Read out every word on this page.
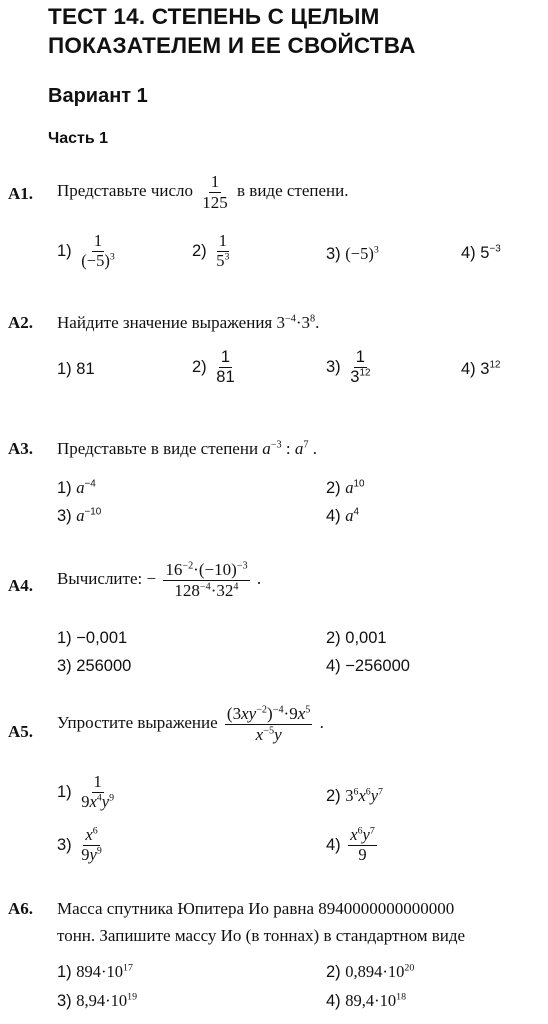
ТЕСТ 14. СТЕПЕНЬ С ЦЕЛЫМ
ПОКАЗАТЕЛЕМ И ЕЕ СВОЙСТВА
Вариант 1
Часть 1
A1. Представьте число $\frac{1}{125}$ в виде степени.
$1) \frac{1}{(-5)^3}$	$2) \frac{1}{5^3}$	3) $(-5)^3$	4) $5^{-3}$
A2. Найдите значение выражения $3^{-4}\cdot 3^8$.
1) 81	$2) \frac{1}{81}$	$3) \frac{1}{3^{12}}$	4) $3^{12}$
A3. Представьте в виде степени $a^{-3}$ : $a^7$ .
1) $a^{-4}$	2) $a^{10}$
3) $a^{-10}$	4) $a^4$
A4. Вычислите: − $\frac{16^{-2}\cdot(-10)^{-3}}{128^{-4}\cdot 32^4}$ .
1) −0,001	2) 0,001
3) 256000	4) −256000
A5. Упростите выражение $\frac{(3xy^{-2})^{-4}\cdot 9x^5}{x^{-5}y}$ .
$1) \frac{1}{9x^4y^9}$	2) $3^6x^6y^7$
$3) \frac{x^6}{9y^9}$	$4) \frac{x^6y^7}{9}$
A6. Масса спутника Юпитера Ио равна 8940000000000000
тонн. Запишите массу Ио (в тоннах) в стандартном виде
1) $894\cdot 10^{17}$	2) $0,894\cdot 10^{20}$
3) $8,94\cdot 10^{19}$	4) $89,4\cdot 10^{18}$
